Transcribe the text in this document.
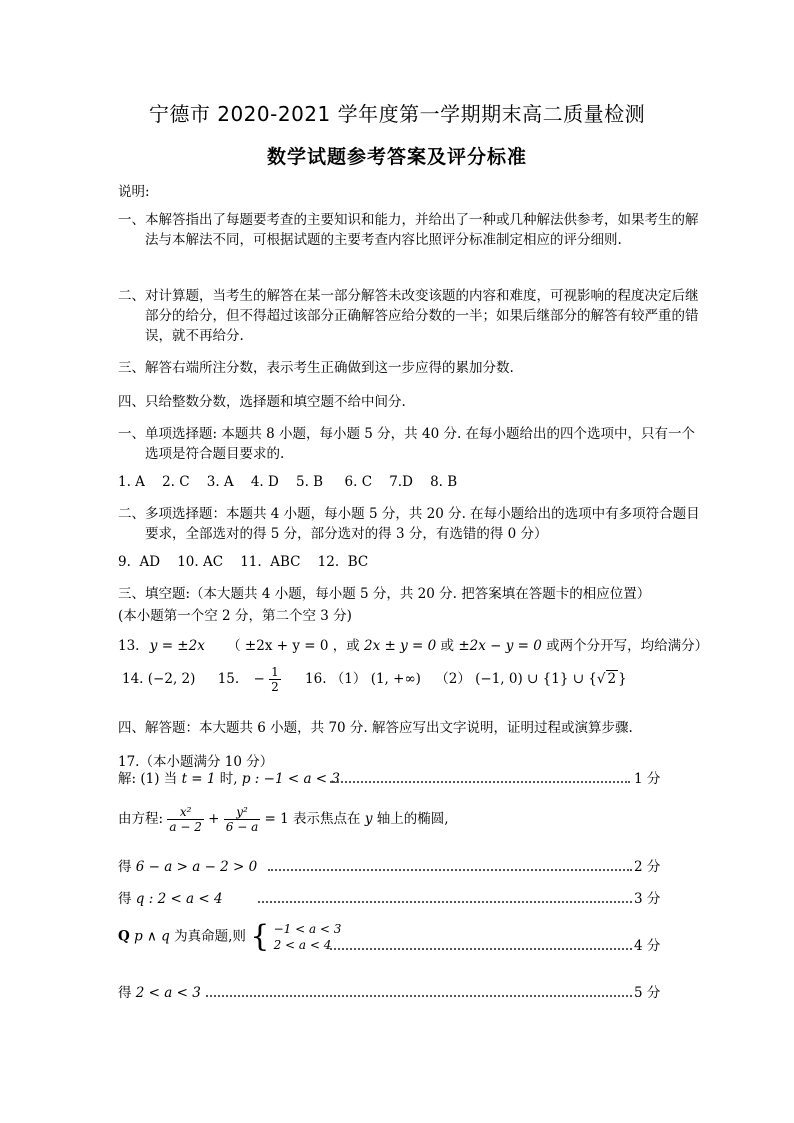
宁德市 2020-2021 学年度第一学期期末高二质量检测
数学试题参考答案及评分标准
说明:
一、本解答指出了每题要考查的主要知识和能力，并给出了一种或几种解法供参考，如果考生的解法与本解法不同，可根据试题的主要考查内容比照评分标准制定相应的评分细则.
二、对计算题，当考生的解答在某一部分解答未改变该题的内容和难度，可视影响的程度决定后继部分的给分，但不得超过该部分正确解答应给分数的一半；如果后继部分的解答有较严重的错误，就不再给分.
三、解答右端所注分数，表示考生正确做到这一步应得的累加分数.
四、只给整数分数，选择题和填空题不给中间分.
一、单项选择题: 本题共 8 小题，每小题 5 分，共 40 分. 在每小题给出的四个选项中，只有一个选项是符合题目要求的.
1. A    2. C    3. A    4. D    5. B     6. C    7.D    8. B
二、多项选择题：本题共 4 小题，每小题 5 分，共 20 分. 在每小题给出的选项中有多项符合题目要求，全部选对的得 5 分，部分选对的得 3 分，有选错的得 0 分）
9.  AD    10. AC    11.  ABC    12.  BC
三、填空题:（本大题共 4 小题，每小题 5 分，共 20 分. 把答案填在答题卡的相应位置）
(本小题第一个空 2 分，第二个空 3 分)
13. y = ±2x （ ±2x + y = 0 ，或 2x ± y = 0 或 ±2x − y = 0 或两个分开写，均给满分）
14. (−2, 2) 15. − $\frac{1}{2} 16$. （1） (1, +∞) （2） (−1, 0) ∪ {1} ∪ {√ 2 }
四、解答题：本大题共 6 小题，共 70 分. 解答应写出文字说明，证明过程或演算步骤.
17.（本小题满分 10 分）
解: (1) 当 t = 1 时, p : −1 < a < 3	1 分
由方程: $\frac{\text{x²}}{a - 2} + \frac{\text{y²}}{6 - a} = 1$ 表示焦点在 y 轴上的椭圆,
得 6 − a > a − 2 > 0	2 分
得 q : 2 < a < 4	3 分
Q p ∧ q 为真命题,则 { −1 < a < 3
2 < a < 4	4 分
得 2 < a < 3	5 分
